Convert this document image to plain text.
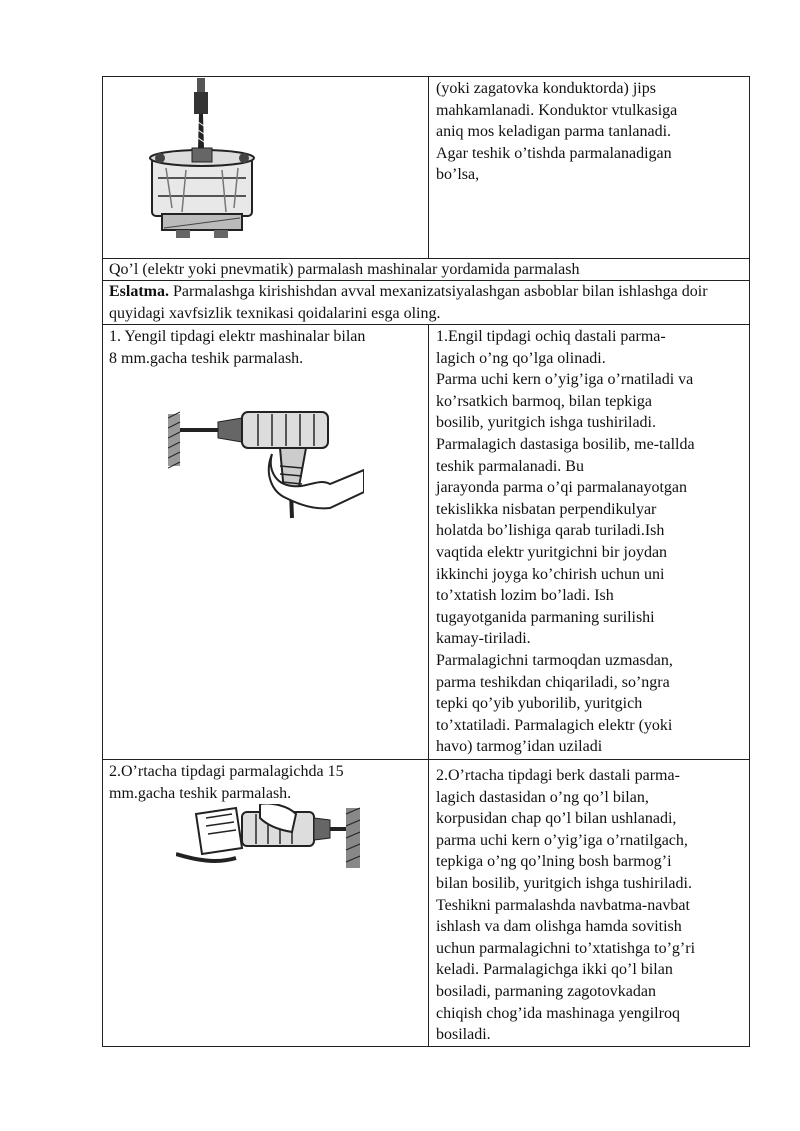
(yoki zagatovka konduktorda) jips
mahkamlanadi. Konduktor vtulkasiga
aniq mos keladigan parma tanlanadi.
Agar teshik o’tishda parmalanadigan
bo’lsa,
Qo’l (elektr yoki pnevmatik) parmalash mashinalar yordamida parmalash
Eslatma. Parmalashga kirishishdan avval mexanizatsiyalashgan asboblar bilan ishlashga doir quyidagi xavfsizlik texnikasi qoidalarini esga oling.
1. Yengil tipdagi elektr mashinalar bilan
8 mm.gacha teshik parmalash.
1.Engil tipdagi ochiq dastali parma-
lagich o’ng qo’lga olinadi.
Parma uchi kern o’yig’iga o’rnatiladi va
ko’rsatkich barmoq, bilan tepkiga
bosilib, yuritgich ishga tushiriladi.
Parmalagich dastasiga bosilib, me-tallda
teshik parmalanadi. Bu
jarayonda parma o’qi parmalanayotgan
tekislikka nisbatan perpendikulyar
holatda bo’lishiga qarab turiladi.Ish
vaqtida elektr yuritgichni bir joydan
ikkinchi joyga ko’chirish uchun uni
to’xtatish lozim bo’ladi. Ish
tugayotganida parmaning surilishi
kamay-tiriladi.
Parmalagichni tarmoqdan uzmasdan,
parma teshikdan chiqariladi, so’ngra
tepki qo’yib yuborilib, yuritgich
to’xtatiladi. Parmalagich elektr (yoki
havo) tarmog’idan uziladi
2.O’rtacha tipdagi parmalagichda 15
mm.gacha teshik parmalash.
2.O’rtacha tipdagi berk dastali parma-
lagich dastasidan o’ng qo’l bilan,
korpusidan chap qo’l bilan ushlanadi,
parma uchi kern o’yig’iga o’rnatilgach,
tepkiga o’ng qo’lning bosh barmog’i
bilan bosilib, yuritgich ishga tushiriladi.
Teshikni parmalashda navbatma-navbat
ishlash va dam olishga hamda sovitish
uchun parmalagichni to’xtatishga to’g’ri
keladi. Parmalagichga ikki qo’l bilan
bosiladi, parmaning zagotovkadan
chiqish chog’ida mashinaga yengilroq
bosiladi.
